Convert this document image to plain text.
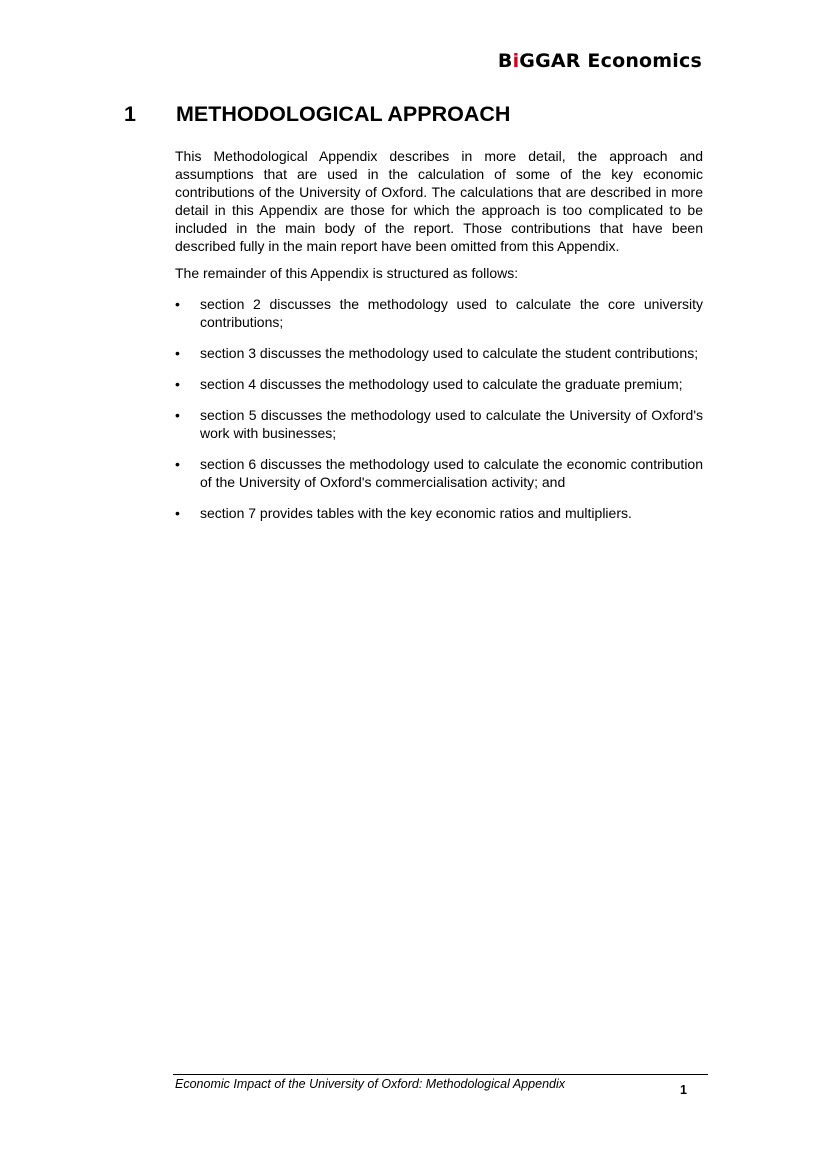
BiGGAR Economics
1 METHODOLOGICAL APPROACH

This Methodological Appendix describes in more detail, the approach and assumptions that are used in the calculation of some of the key economic contributions of the University of Oxford. The calculations that are described in more detail in this Appendix are those for which the approach is too complicated to be included in the main body of the report. Those contributions that have been described fully in the main report have been omitted from this Appendix.

The remainder of this Appendix is structured as follows:

• section 2 discusses the methodology used to calculate the core university contributions;
• section 3 discusses the methodology used to calculate the student contributions;
• section 4 discusses the methodology used to calculate the graduate premium;
• section 5 discusses the methodology used to calculate the University of Oxford's work with businesses;
• section 6 discusses the methodology used to calculate the economic contribution of the University of Oxford's commercialisation activity; and
• section 7 provides tables with the key economic ratios and multipliers.
Economic Impact of the University of Oxford: Methodological Appendix	1
